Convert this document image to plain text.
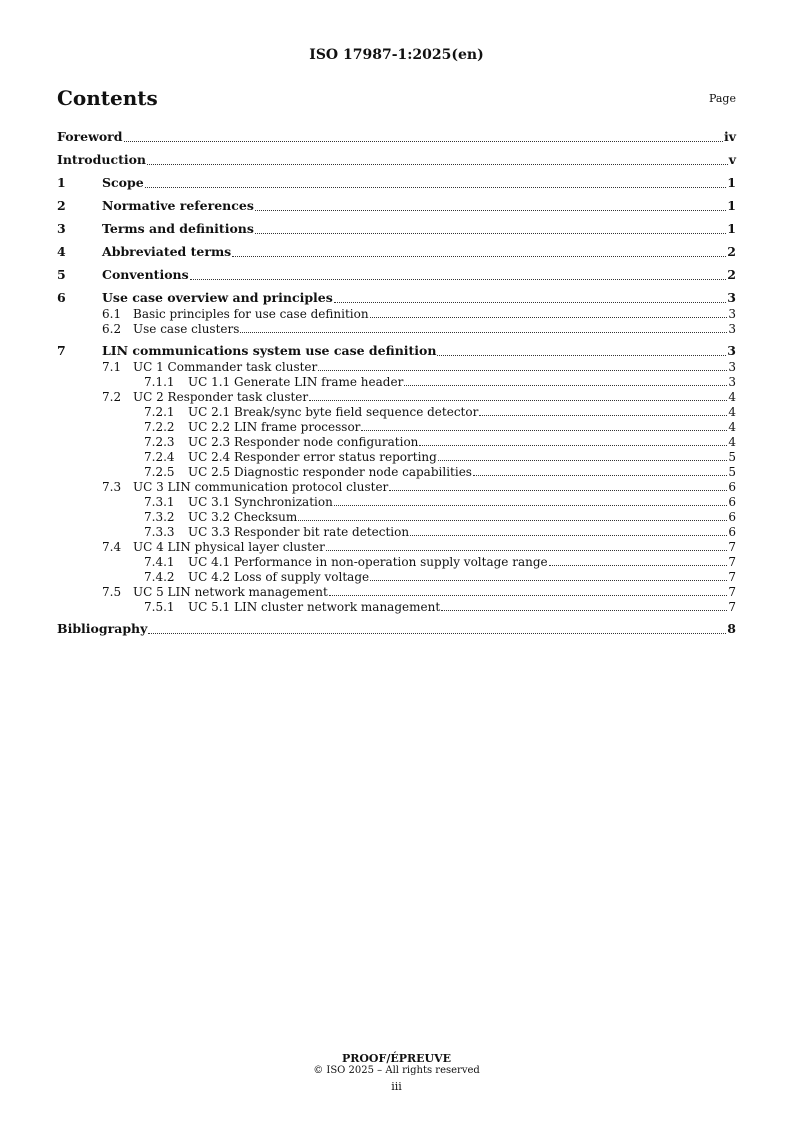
ISO 17987-1:2025(en)
Contents	Page
Foreword	iv
Introduction	v
1	Scope	1
2	Normative references	1
3	Terms and definitions	1
4	Abbreviated terms	2
5	Conventions	2
6	Use case overview and principles	3
6.1 Basic principles for use case definition	3
6.2 Use case clusters	3
7	LIN communications system use case definition	3
7.1 UC 1 Commander task cluster	3
7.1.1	UC 1.1 Generate LIN frame header	3
7.2 UC 2 Responder task cluster	4
7.2.1	UC 2.1 Break/sync byte field sequence detector	4
7.2.2	UC 2.2 LIN frame processor	4
7.2.3	UC 2.3 Responder node configuration	4
7.2.4	UC 2.4 Responder error status reporting	5
7.2.5	UC 2.5 Diagnostic responder node capabilities	5
7.3 UC 3 LIN communication protocol cluster	6
7.3.1	UC 3.1 Synchronization	6
7.3.2	UC 3.2 Checksum	6
7.3.3	UC 3.3 Responder bit rate detection	6
7.4 UC 4 LIN physical layer cluster	7
7.4.1	UC 4.1 Performance in non-operation supply voltage range	7
7.4.2	UC 4.2 Loss of supply voltage	7
7.5 UC 5 LIN network management	7
7.5.1	UC 5.1 LIN cluster network management	7
Bibliography	8
PROOF/ÉPREUVE
© ISO 2025 – All rights reserved
iii
